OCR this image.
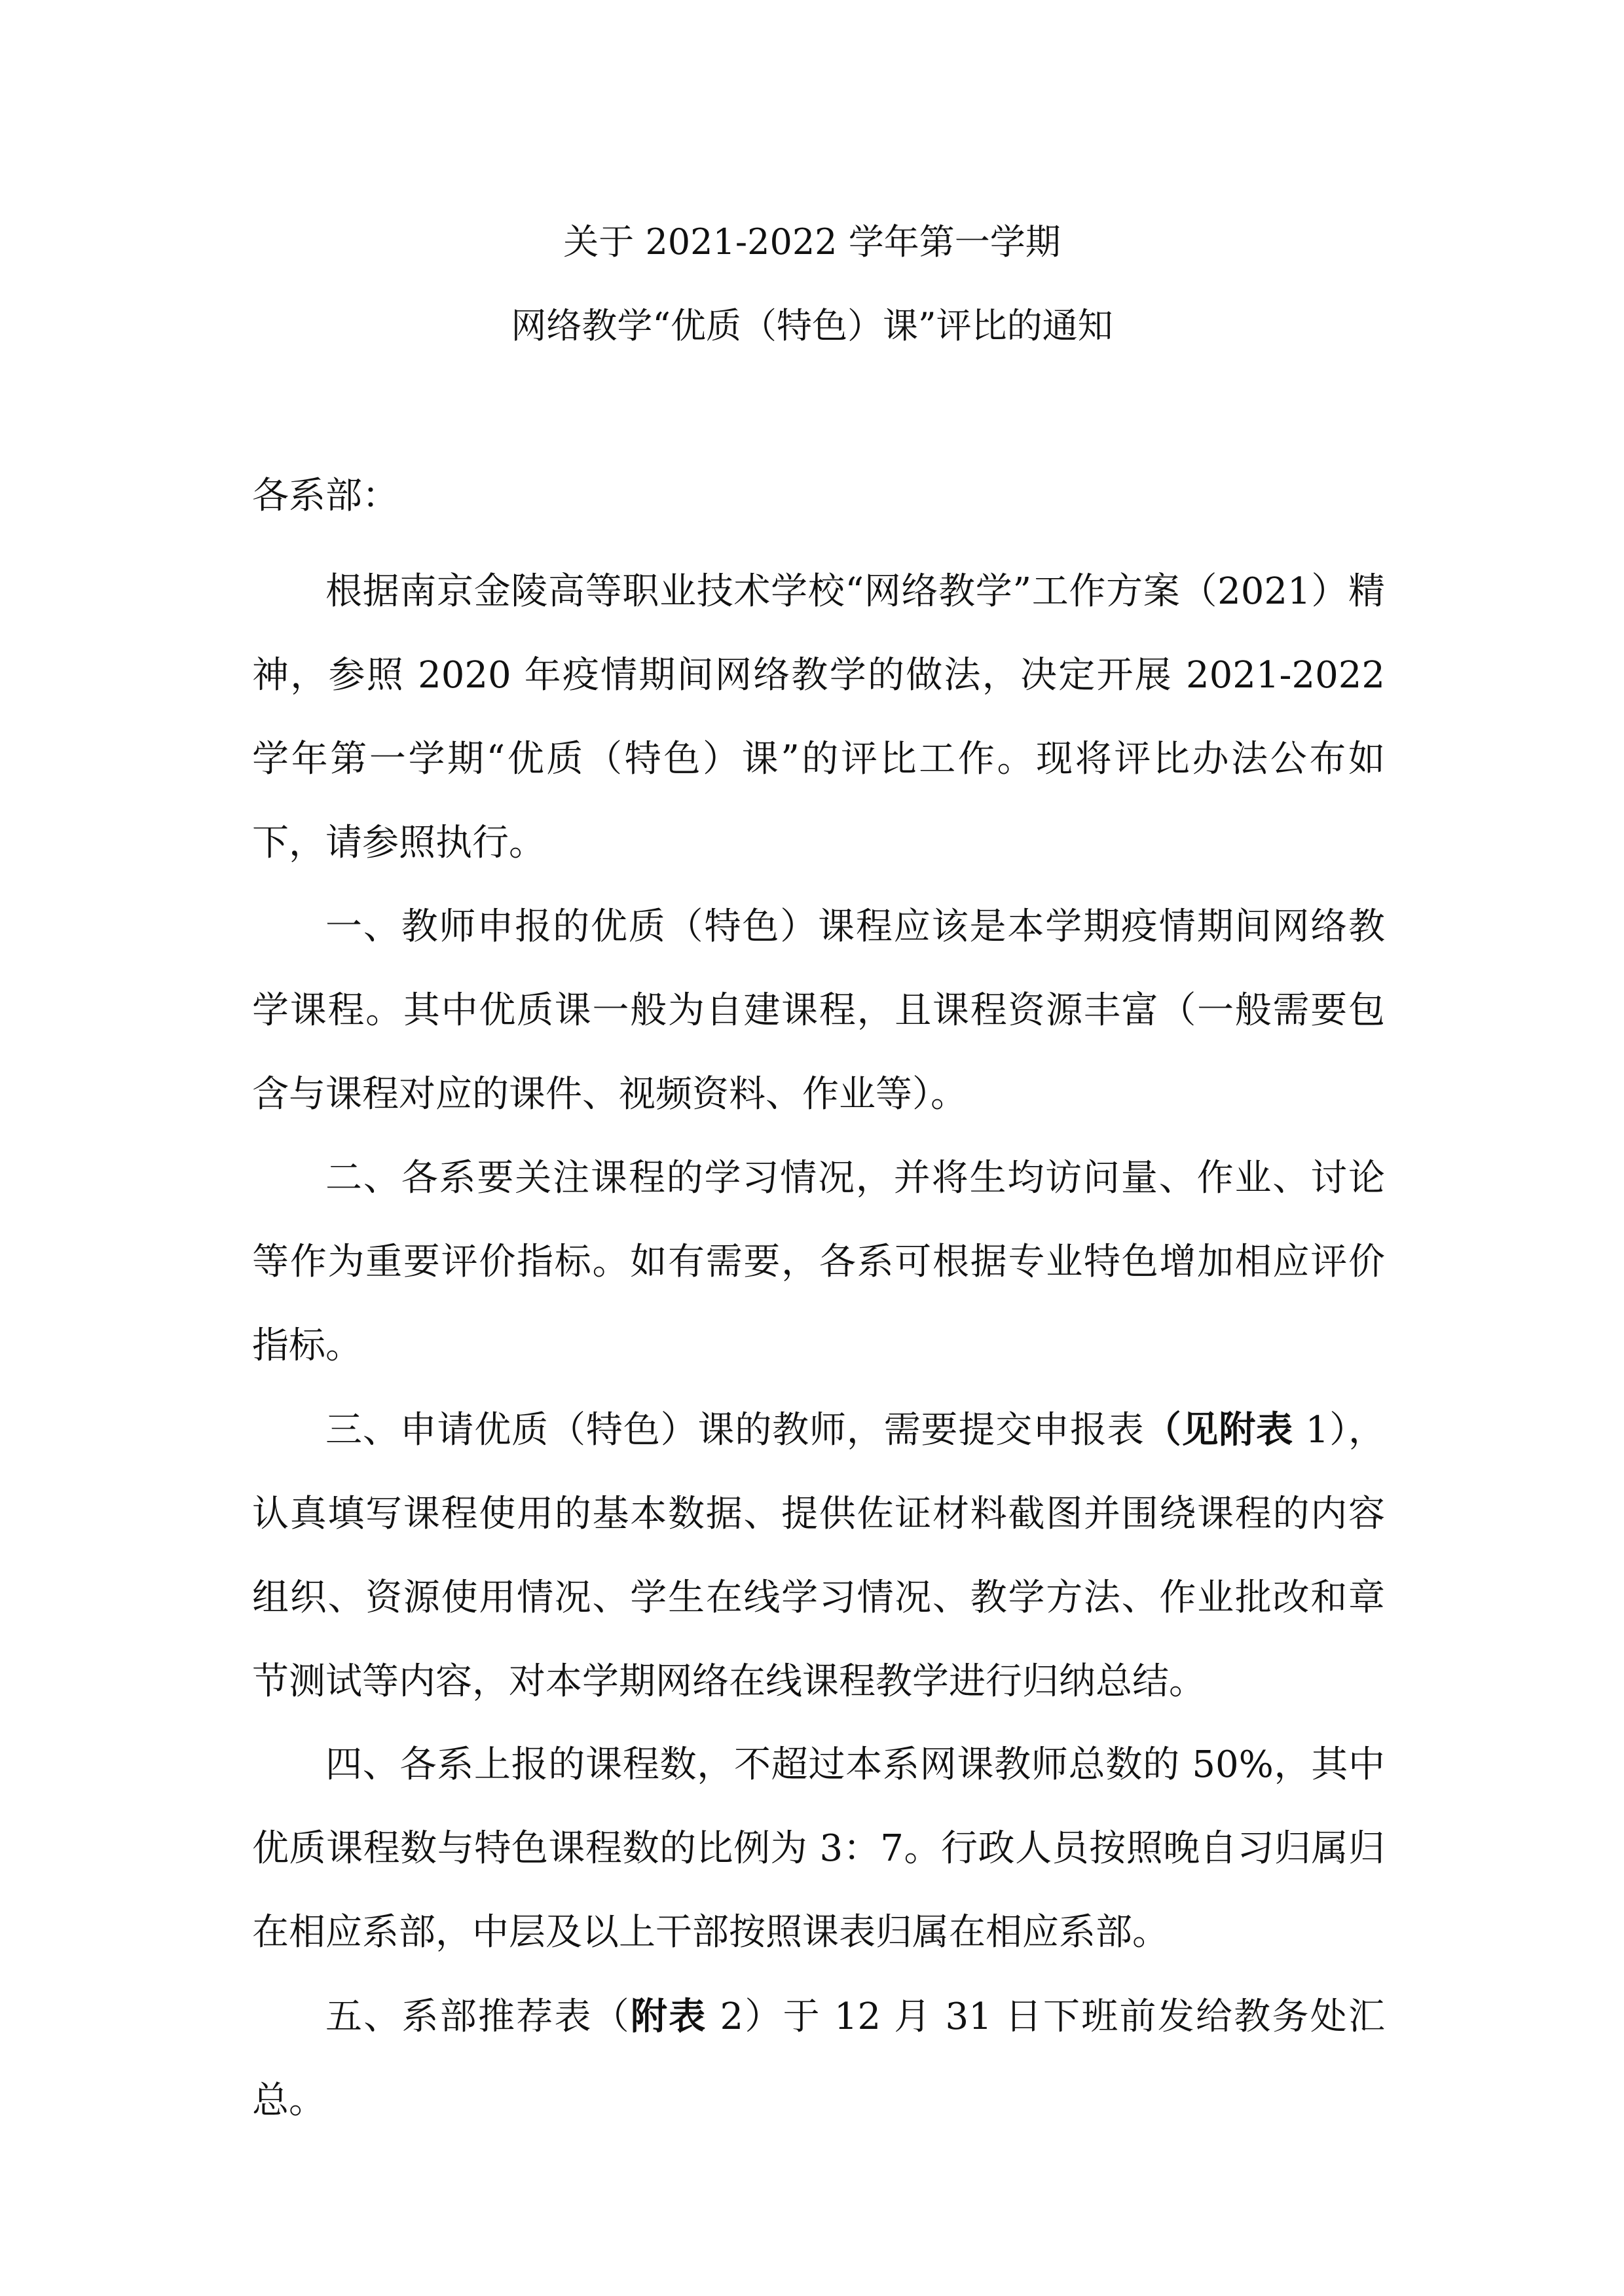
关于 2021-2022 学年第一学期
网络教学“优质（特色）课”评比的通知
各系部：

根据南京金陵高等职业技术学校“网络教学”工作方案（2021）精神，参照 2020 年疫情期间网络教学的做法，决定开展 2021-2022 学年第一学期“优质（特色）课”的评比工作。现将评比办法公布如下，请参照执行。

一、教师申报的优质（特色）课程应该是本学期疫情期间网络教学课程。其中优质课一般为自建课程，且课程资源丰富（一般需要包含与课程对应的课件、视频资料、作业等）。

二、各系要关注课程的学习情况，并将生均访问量、作业、讨论等作为重要评价指标。如有需要，各系可根据专业特色增加相应评价指标。

三、申请优质（特色）课的教师，需要提交申报表（见附表 1），认真填写课程使用的基本数据、提供佐证材料截图并围绕课程的内容组织、资源使用情况、学生在线学习情况、教学方法、作业批改和章节测试等内容，对本学期网络在线课程教学进行归纳总结。

四、各系上报的课程数，不超过本系网课教师总数的 50%，其中优质课程数与特色课程数的比例为 3：7。行政人员按照晚自习归属归在相应系部，中层及以上干部按照课表归属在相应系部。

五、系部推荐表（附表 2）于 12 月 31 日下班前发给教务处汇总。
